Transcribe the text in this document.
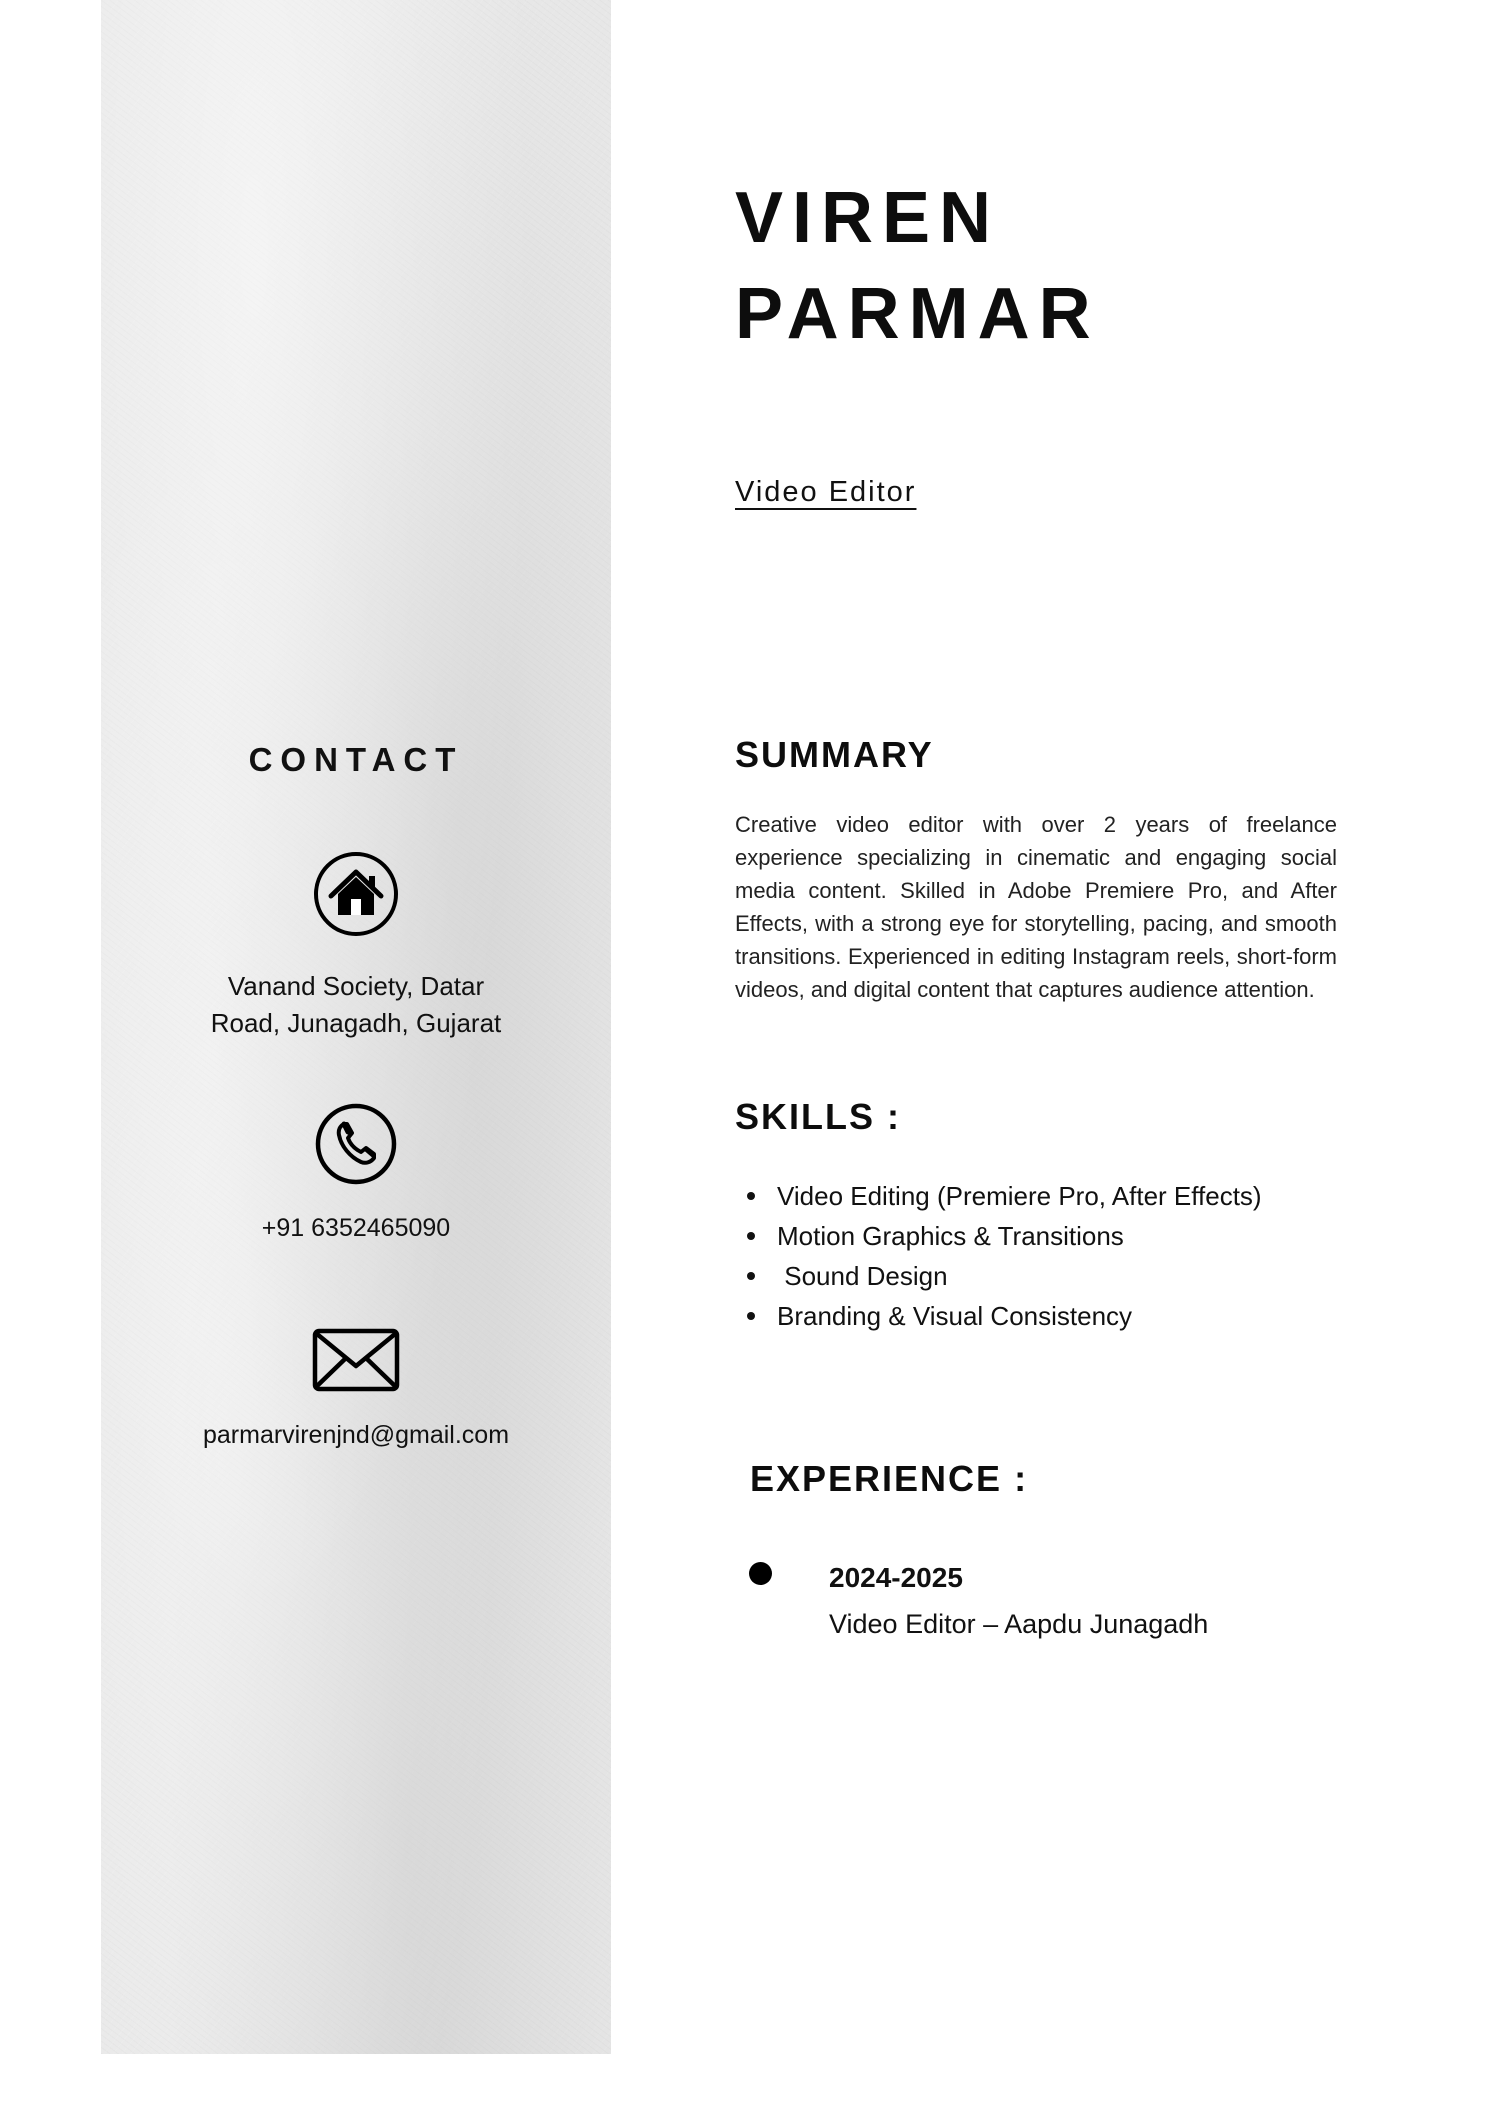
CONTACT
Vanand Society, Datar
Road, Junagadh, Gujarat
+91 6352465090
parmarvirenjnd@gmail.com
VIREN
PARMAR
Video Editor
SUMMARY

Creative video editor with over 2 years of freelance experience specializing in cinematic and engaging social media content. Skilled in Adobe Premiere Pro, and After Effects, with a strong eye for storytelling, pacing, and smooth transitions. Experienced in editing Instagram reels, short-form videos, and digital content that captures audience attention.

SKILLS :
Video Editing (Premiere Pro, After Effects)
Motion Graphics & Transitions
Sound Design
Branding & Visual Consistency
EXPERIENCE :
2024-2025
Video Editor – Aapdu Junagadh
